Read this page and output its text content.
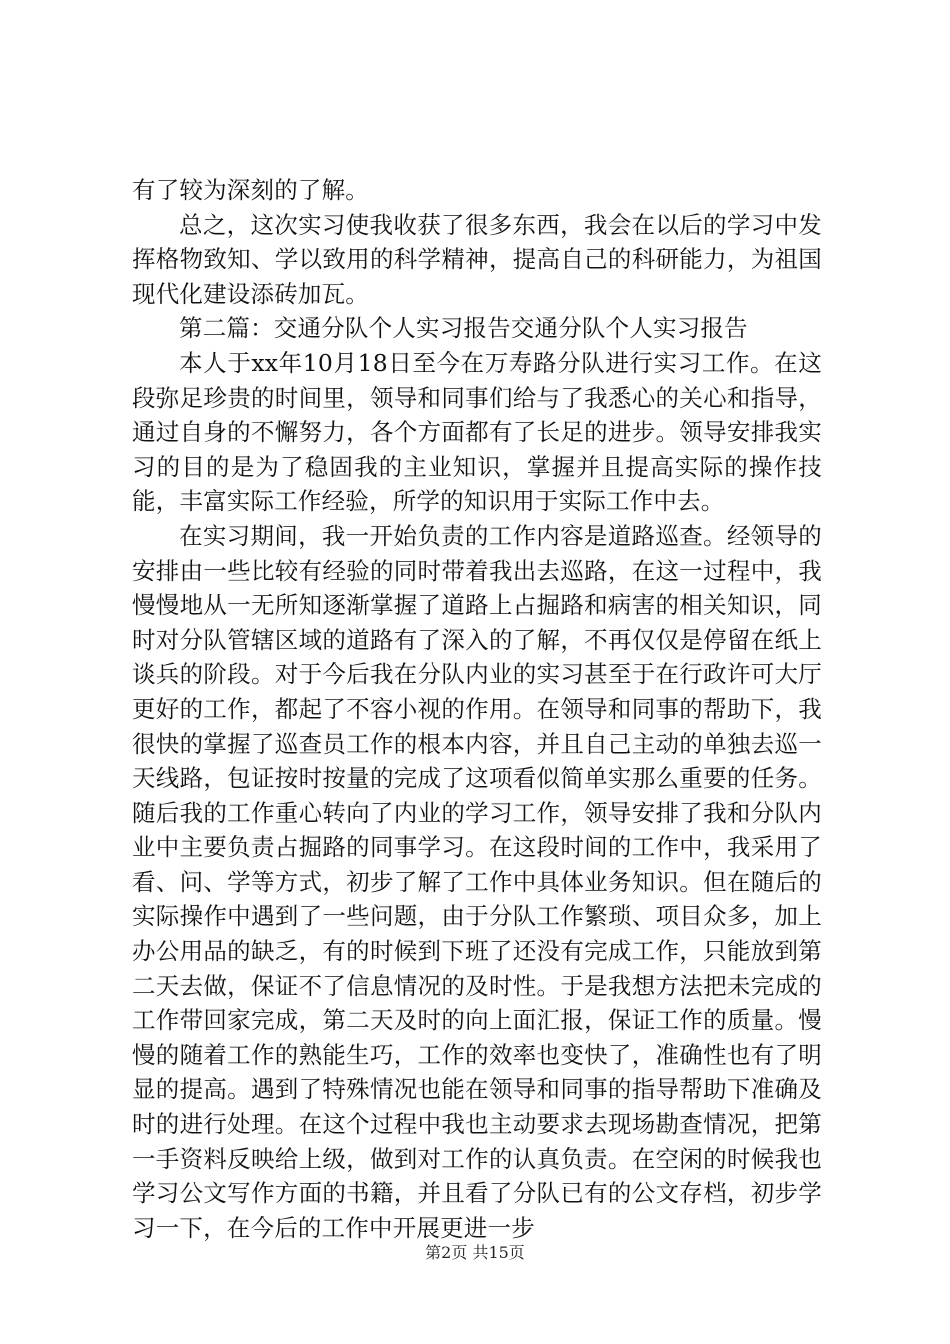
有了较为深刻的了解。

总之，这次实习使我收获了很多东西，我会在以后的学习中发挥格物致知、学以致用的科学精神，提高自己的科研能力，为祖国现代化建设添砖加瓦。

第二篇：交通分队个人实习报告交通分队个人实习报告

本人于xx年10月18日至今在万寿路分队进行实习工作。在这段弥足珍贵的时间里，领导和同事们给与了我悉心的关心和指导，通过自身的不懈努力，各个方面都有了长足的进步。领导安排我实习的目的是为了稳固我的主业知识，掌握并且提高实际的操作技能，丰富实际工作经验，所学的知识用于实际工作中去。

在实习期间，我一开始负责的工作内容是道路巡查。经领导的安排由一些比较有经验的同时带着我出去巡路，在这一过程中，我慢慢地从一无所知逐渐掌握了道路上占掘路和病害的相关知识，同时对分队管辖区域的道路有了深入的了解，不再仅仅是停留在纸上谈兵的阶段。对于今后我在分队内业的实习甚至于在行政许可大厅更好的工作，都起了不容小视的作用。在领导和同事的帮助下，我很快的掌握了巡查员工作的根本内容，并且自己主动的单独去巡一天线路，包证按时按量的完成了这项看似简单实那么重要的任务。随后我的工作重心转向了内业的学习工作，领导安排了我和分队内业中主要负责占掘路的同事学习。在这段时间的工作中，我采用了看、问、学等方式，初步了解了工作中具体业务知识。但在随后的实际操作中遇到了一些问题，由于分队工作繁琐、项目众多，加上办公用品的缺乏，有的时候到下班了还没有完成工作，只能放到第二天去做，保证不了信息情况的及时性。于是我想方法把未完成的工作带回家完成，第二天及时的向上面汇报，保证工作的质量。慢慢的随着工作的熟能生巧，工作的效率也变快了，准确性也有了明显的提高。遇到了特殊情况也能在领导和同事的指导帮助下准确及时的进行处理。在这个过程中我也主动要求去现场勘查情况，把第一手资料反映给上级，做到对工作的认真负责。在空闲的时候我也学习公文写作方面的书籍，并且看了分队已有的公文存档，初步学习一下，在今后的工作中开展更进一步

第2页 共15页
